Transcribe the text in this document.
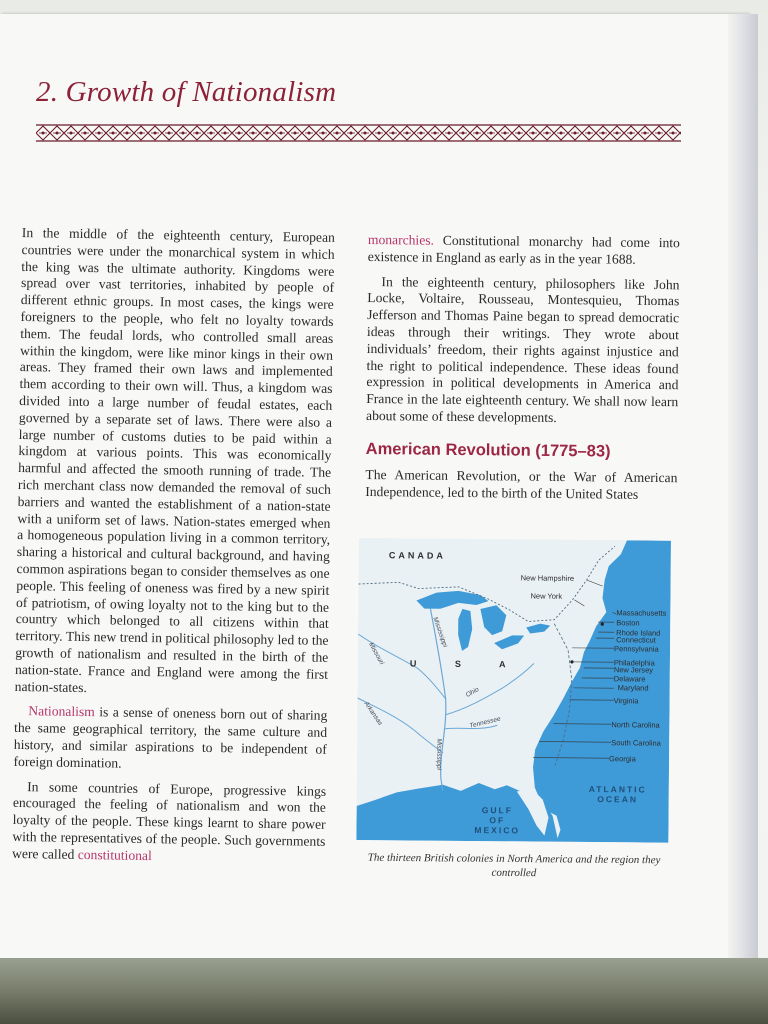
2. Growth of Nationalism

In the middle of the eighteenth century, European countries were under the monarchical system in which the king was the ultimate authority. Kingdoms were spread over vast territories, inhabited by people of different ethnic groups. In most cases, the kings were foreigners to the people, who felt no loyalty towards them. The feudal lords, who controlled small areas within the kingdom, were like minor kings in their own areas. They framed their own laws and implemented them according to their own will. Thus, a kingdom was divided into a large number of feudal estates, each governed by a separate set of laws. There were also a large number of customs duties to be paid within a kingdom at various points. This was economically harmful and affected the smooth running of trade. The rich merchant class now demanded the removal of such barriers and wanted the establishment of a nation-state with a uniform set of laws. Nation-states emerged when a homogeneous population living in a common territory, sharing a historical and cultural background, and having common aspirations began to consider themselves as one people. This feeling of oneness was fired by a new spirit of patriotism, of owing loyalty not to the king but to the country which belonged to all citizens within that territory. This new trend in political philosophy led to the growth of nationalism and resulted in the birth of the nation-state. France and England were among the first nation-states.

Nationalism is a sense of oneness born out of sharing the same geographical territory, the same culture and history, and similar aspirations to be independent of foreign domination.

In some countries of Europe, progressive kings encouraged the feeling of nationalism and won the loyalty of the people. These kings learnt to share power with the representatives of the people. Such governments were called constitutional

monarchies. Constitutional monarchy had come into existence in England as early as in the year 1688.

In the eighteenth century, philosophers like John Locke, Voltaire, Rousseau, Montesquieu, Thomas Jefferson and Thomas Paine began to spread democratic ideas through their writings. They wrote about individuals’ freedom, their rights against injustice and the right to political independence. These ideas found expression in political developments in America and France in the late eighteenth century. We shall now learn about some of these developments.

American Revolution (1775–83)

The American Revolution, or the War of American Independence, led to the birth of the United States

CANADA
U S A
ATLANTIC
OCEAN
GULF
OF
MEXICO
New Hampshire
New York
Massachusetts
Boston
Rhode Island
Connecticut
Pennsylvania
Philadelphia
New Jersey
Delaware
Maryland
Virginia
North Carolina
South Carolina
Georgia
Mississippi
Missouri
Ohio
Tennessee
Arkansas
Mississippi
The thirteen British colonies in North America and the region they controlled
